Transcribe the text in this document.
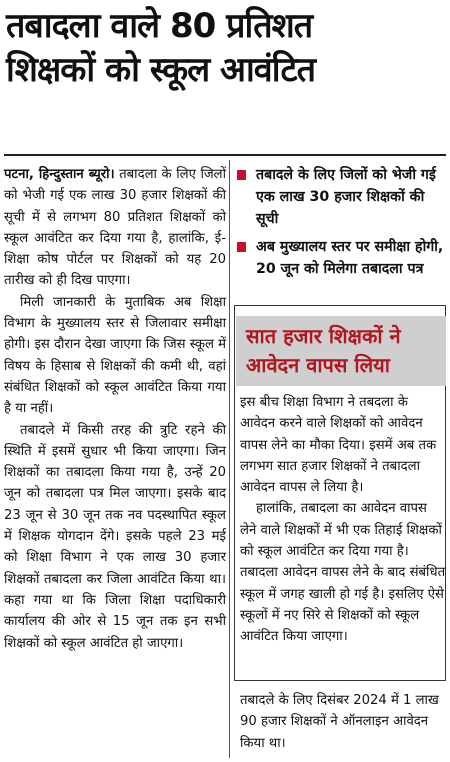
तबादला वाले 80 प्रतिशत
शिक्षकों को स्कूल आवंटित

पटना, हिन्दुस्तान ब्यूरो। तबादला के लिए जिलों को भेजी गई एक लाख 30 हजार शिक्षकों की सूची में से लगभग 80 प्रतिशत शिक्षकों को स्कूल आवंटित कर दिया गया है, हालांकि, ई-शिक्षा कोष पोर्टल पर शिक्षकों को यह 20 तारीख को ही दिख पाएगा।

मिली जानकारी के मुताबिक अब शिक्षा विभाग के मुख्यालय स्तर से जिलावार समीक्षा होगी। इस दौरान देखा जाएगा कि जिस स्कूल में विषय के हिसाब से शिक्षकों की कमी थी, वहां संबंधित शिक्षकों को स्कूल आवंटित किया गया है या नहीं।

तबादले में किसी तरह की त्रुटि रहने की स्थिति में इसमें सुधार भी किया जाएगा। जिन शिक्षकों का तबादला किया गया है, उन्हें 20 जून को तबादला पत्र मिल जाएगा। इसके बाद 23 जून से 30 जून तक नव पदस्थापित स्कूल में शिक्षक योगदान देंगे। इसके पहले 23 मई को शिक्षा विभाग ने एक लाख 30 हजार शिक्षकों तबादला कर जिला आवंटित किया था। कहा गया था कि जिला शिक्षा पदाधिकारी कार्यालय की ओर से 15 जून तक इन सभी शिक्षकों को स्कूल आवंटित हो जाएगा।

तबादले के लिए जिलों को भेजी गई एक लाख 30 हजार शिक्षकों की सूची
अब मुख्यालय स्तर पर समीक्षा होगी, 20 जून को मिलेगा तबादला पत्र
सात हजार शिक्षकों ने आवेदन वापस लिया

इस बीच शिक्षा विभाग ने तबदला के आवेदन करने वाले शिक्षकों को आवेदन वापस लेने का मौका दिया। इसमें अब तक लगभग सात हजार शिक्षकों ने तबादला आवेदन वापस ले लिया है।

हालांकि, तबादला का आवेदन वापस लेने वाले शिक्षकों में भी एक तिहाई शिक्षकों को स्कूल आवंटित कर दिया गया है। तबादला आवेदन वापस लेने के बाद संबंधित स्कूल में जगह खाली हो गई है। इसलिए ऐसे स्कूलों में नए सिरे से शिक्षकों को स्कूल आवंटित किया जाएगा।

तबादले के लिए दिसंबर 2024 में 1 लाख 90 हजार शिक्षकों ने ऑनलाइन आवेदन किया था।
